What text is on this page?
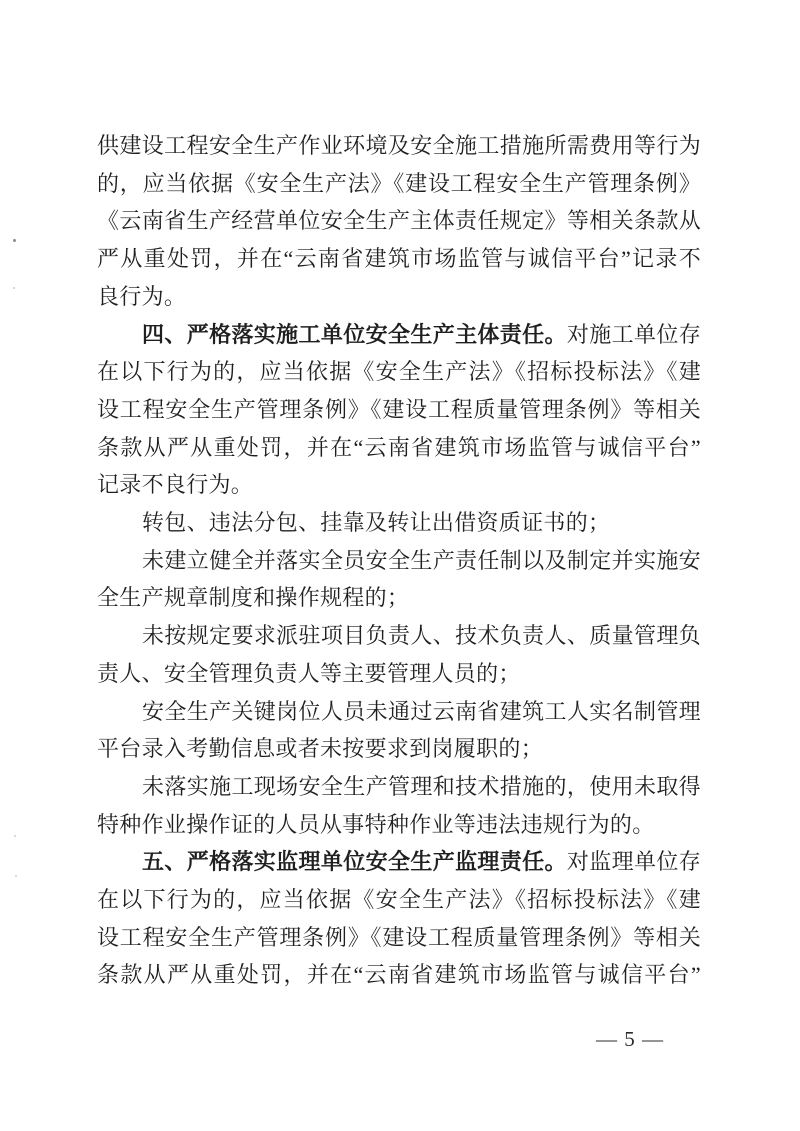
供建设工程安全生产作业环境及安全施工措施所需费用等行为
的，应当依据《安全生产法》《建设工程安全生产管理条例》
《云南省生产经营单位安全生产主体责任规定》等相关条款从
严从重处罚，并在“云南省建筑市场监管与诚信平台”记录不
良行为。
四、严格落实施工单位安全生产主体责任。对施工单位存
在以下行为的，应当依据《安全生产法》《招标投标法》《建
设工程安全生产管理条例》《建设工程质量管理条例》等相关
条款从严从重处罚，并在“云南省建筑市场监管与诚信平台”
记录不良行为。
转包、违法分包、挂靠及转让出借资质证书的；
未建立健全并落实全员安全生产责任制以及制定并实施安
全生产规章制度和操作规程的；
未按规定要求派驻项目负责人、技术负责人、质量管理负
责人、安全管理负责人等主要管理人员的；
安全生产关键岗位人员未通过云南省建筑工人实名制管理
平台录入考勤信息或者未按要求到岗履职的；
未落实施工现场安全生产管理和技术措施的，使用未取得
特种作业操作证的人员从事特种作业等违法违规行为的。
五、严格落实监理单位安全生产监理责任。对监理单位存
在以下行为的，应当依据《安全生产法》《招标投标法》《建
设工程安全生产管理条例》《建设工程质量管理条例》等相关
条款从严从重处罚，并在“云南省建筑市场监管与诚信平台”
— 5 —
